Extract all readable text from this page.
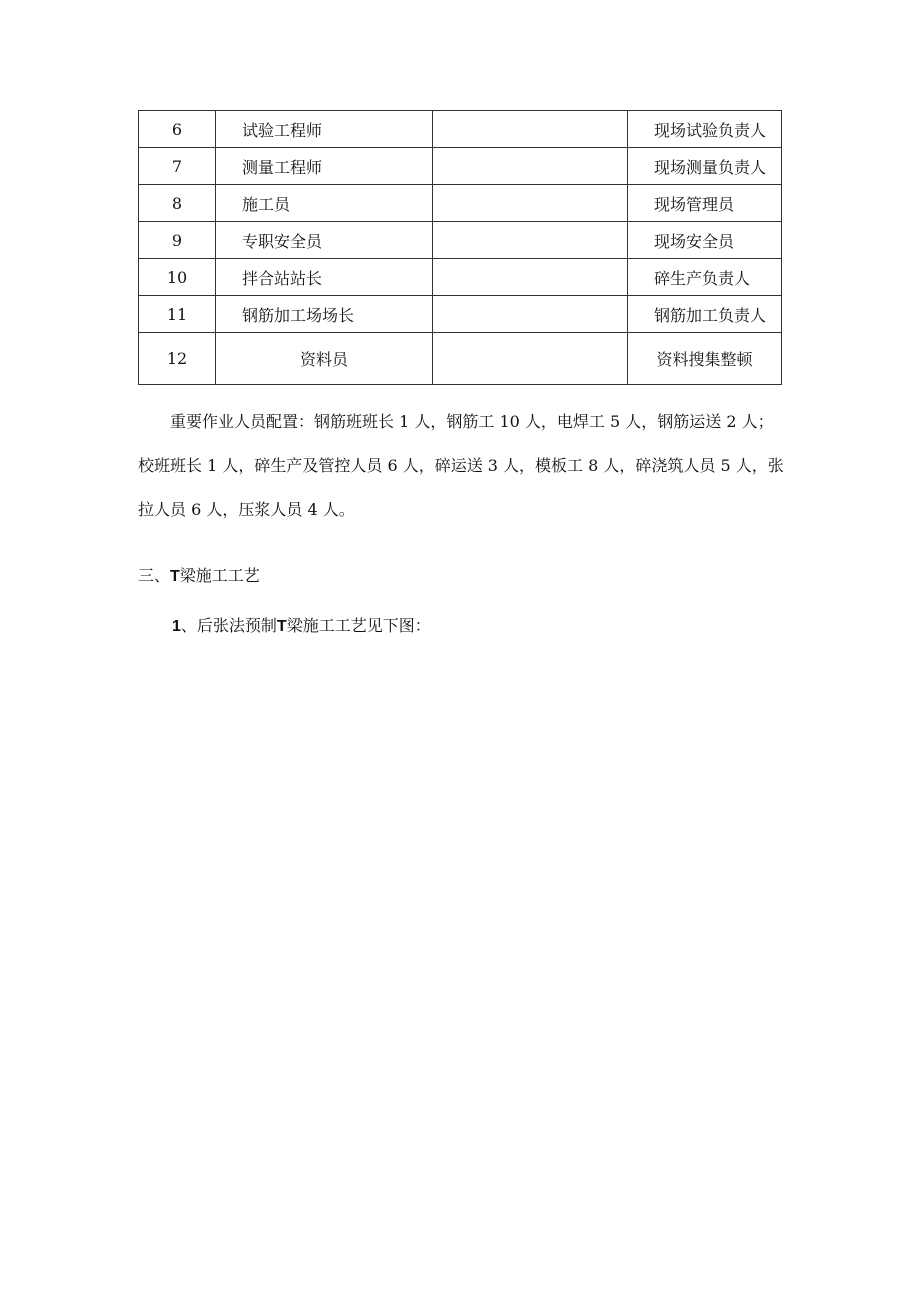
6	试验工程师		现场试验负责人
7	测量工程师		现场测量负责人
8	施工员		现场管理员
9	专职安全员		现场安全员
10	拌合站站长		碎生产负责人
11	钢筋加工场场长		钢筋加工负责人
12	资料员		资料搜集整顿

重要作业人员配置：钢筋班班长 1 人，钢筋工 10 人，电焊工 5 人，钢筋运送 2 人；校班班长 1 人，碎生产及管控人员 6 人，碎运送 3 人，模板工 8 人，碎浇筑人员 5 人，张拉人员 6 人，压浆人员 4 人。

三、T梁施工工艺
1、后张法预制T梁施工工艺见下图：
